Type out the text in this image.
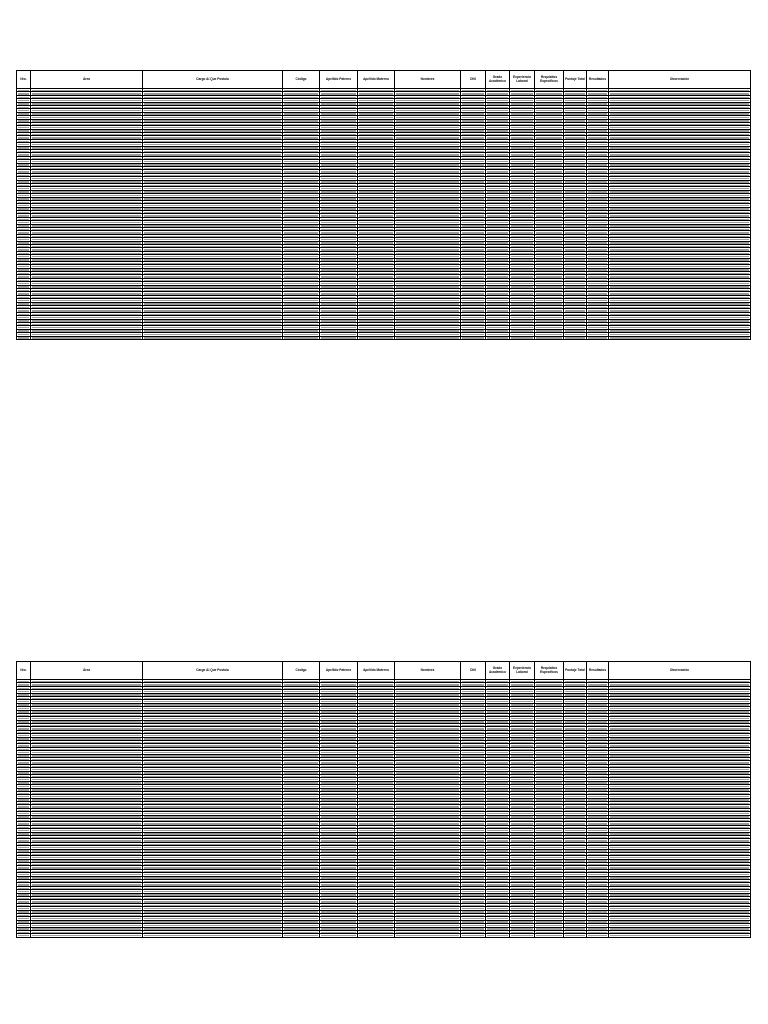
Nro.	Área	Cargo Al Que Postula	Código	Apellido Paterno	Apellido Materno	Nombres	DNI	Grado Académico	Experiencia Laboral	Requisitos Específicos	Puntaje Total	Resultados	Observación

Nro.	Área	Cargo Al Que Postula	Código	Apellido Paterno	Apellido Materno	Nombres	DNI	Grado Académico	Experiencia Laboral	Requisitos Específicos	Puntaje Total	Resultados	Observación
